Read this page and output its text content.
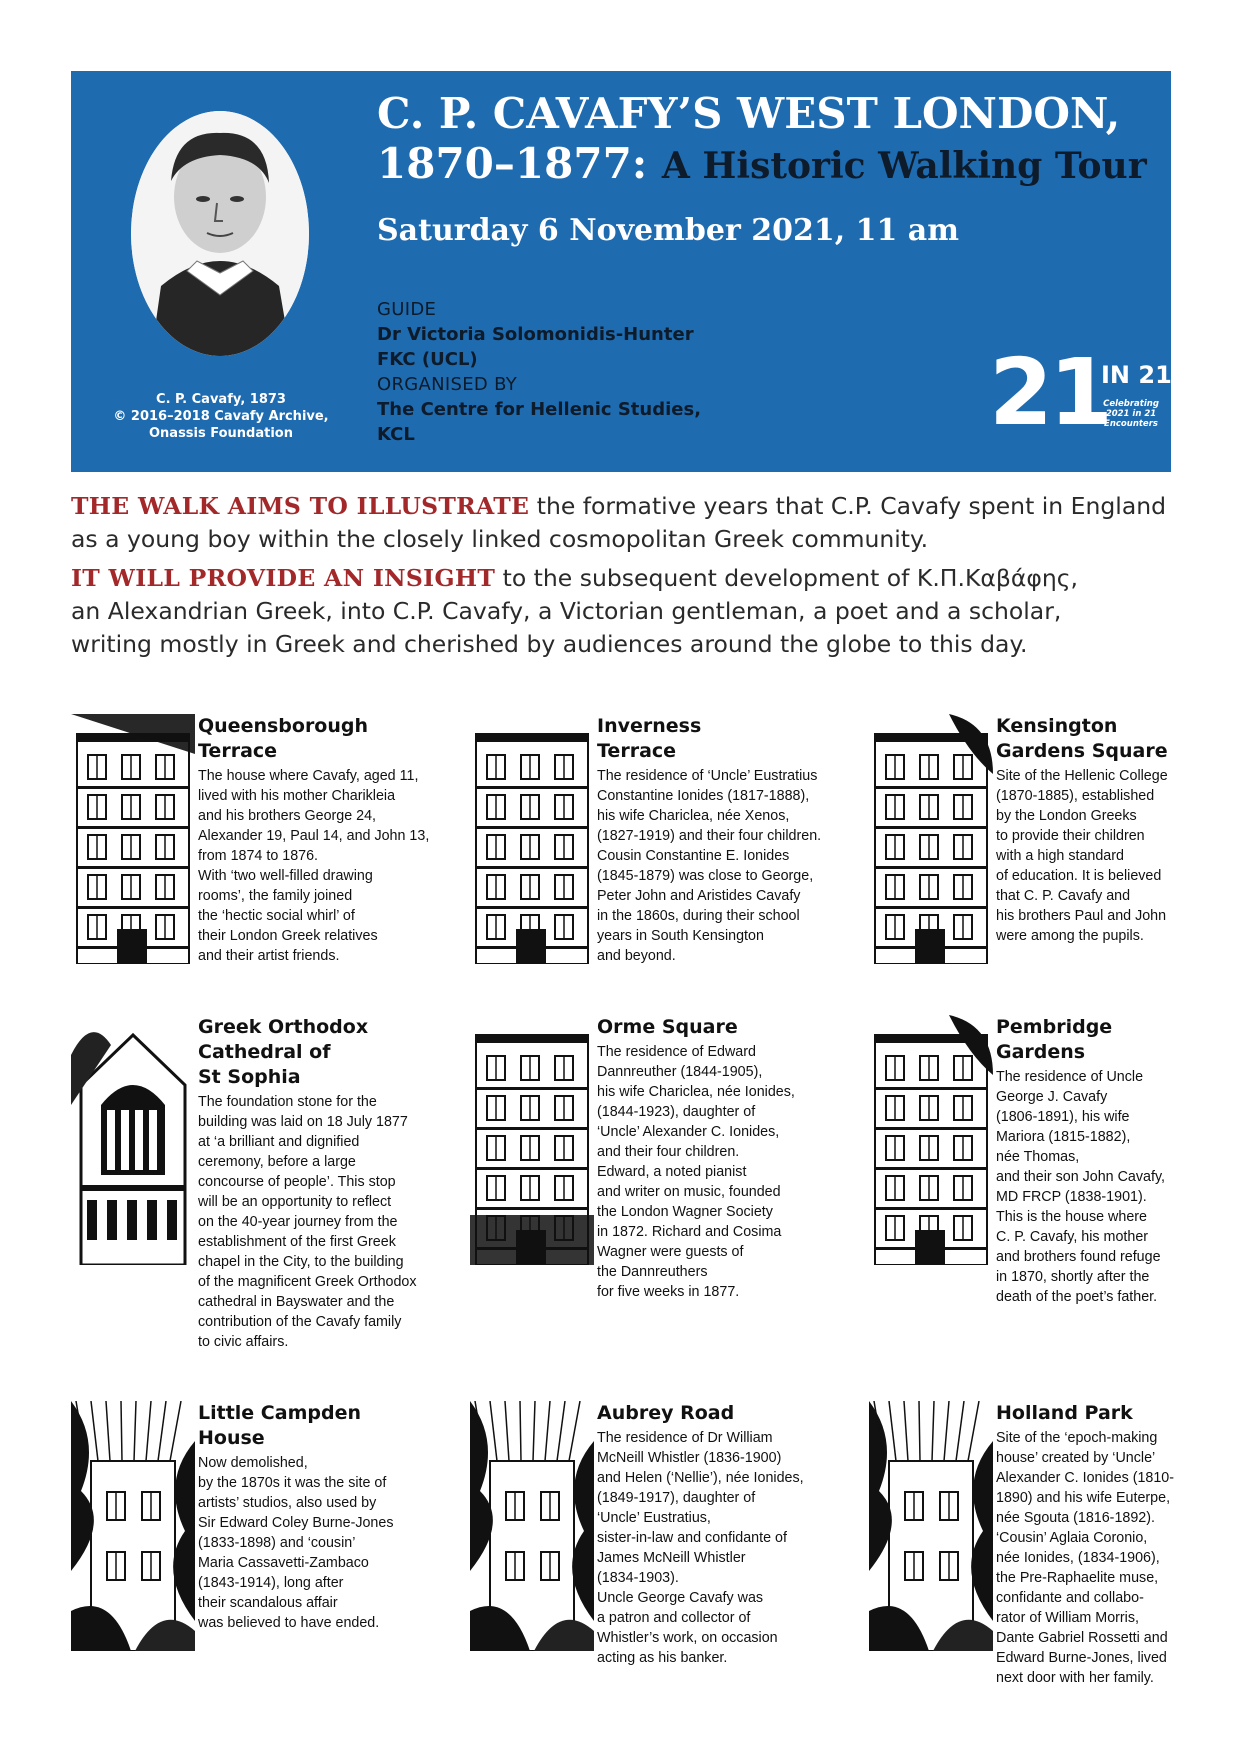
C. P. Cavafy, 1873
© 2016–2018 Cavafy Archive,
Onassis Foundation
C. P. CAVAFY’S WEST LONDON,
1870–1877: A Historic Walking Tour
Saturday 6 November 2021, 11 am
GUIDE
Dr Victoria Solomonidis-Hunter
FKC (UCL)
ORGANISED BY
The Centre for Hellenic Studies,
KCL	21
IN 21
Celebrating
2021 in 21
Encounters

THE WALK AIMS TO ILLUSTRATE the formative years that C.P. Cavafy spent in England
as a young boy within the closely linked cosmopolitan Greek community.

IT WILL PROVIDE AN INSIGHT to the subsequent development of Κ.Π.Καβάφης,
an Alexandrian Greek, into C.P. Cavafy, a Victorian gentleman, a poet and a scholar,
writing mostly in Greek and cherished by audiences around the globe to this day.

Queensborough
Terrace
The house where Cavafy, aged 11,
lived with his mother Charikleia
and his brothers George 24,
Alexander 19, Paul 14, and John 13,
from 1874 to 1876.
With ‘two well-filled drawing
rooms’, the family joined
the ‘hectic social whirl’ of
their London Greek relatives
and their artist friends.
Inverness
Terrace
The residence of ‘Uncle’ Eustratius
Constantine Ionides (1817-1888),
his wife Chariclea, née Xenos,
(1827-1919) and their four children.
Cousin Constantine E. Ionides
(1845-1879) was close to George,
Peter John and Aristides Cavafy
in the 1860s, during their school
years in South Kensington
and beyond.
Kensington
Gardens Square
Site of the Hellenic College
(1870-1885), established
by the London Greeks
to provide their children
with a high standard
of education. It is believed
that C. P. Cavafy and
his brothers Paul and John
were among the pupils.
Greek Orthodox
Cathedral of
St Sophia
The foundation stone for the
building was laid on 18 July 1877
at ‘a brilliant and dignified
ceremony, before a large
concourse of people’. This stop
will be an opportunity to reflect
on the 40-year journey from the
establishment of the first Greek
chapel in the City, to the building
of the magnificent Greek Orthodox
cathedral in Bayswater and the
contribution of the Cavafy family
to civic affairs.
Orme Square
The residence of Edward
Dannreuther (1844-1905),
his wife Chariclea, née Ionides,
(1844-1923), daughter of
‘Uncle’ Alexander C. Ionides,
and their four children.
Edward, a noted pianist
and writer on music, founded
the London Wagner Society
in 1872. Richard and Cosima
Wagner were guests of
the Dannreuthers
for five weeks in 1877.
Pembridge
Gardens
The residence of Uncle
George J. Cavafy
(1806-1891), his wife
Mariora (1815-1882),
née Thomas,
and their son John Cavafy,
MD FRCP (1838-1901).
This is the house where
C. P. Cavafy, his mother
and brothers found refuge
in 1870, shortly after the
death of the poet’s father.
Little Campden
House
Now demolished,
by the 1870s it was the site of
artists’ studios, also used by
Sir Edward Coley Burne-Jones
(1833-1898) and ‘cousin’
Maria Cassavetti-Zambaco
(1843-1914), long after
their scandalous affair
was believed to have ended.
Aubrey Road
The residence of Dr William
McNeill Whistler (1836-1900)
and Helen (‘Nellie’), née Ionides,
(1849-1917), daughter of
‘Uncle’ Eustratius,
sister-in-law and confidante of
James McNeill Whistler
(1834-1903).
Uncle George Cavafy was
a patron and collector of
Whistler’s work, on occasion
acting as his banker.
Holland Park
Site of the ‘epoch-making
house’ created by ‘Uncle’
Alexander C. Ionides (1810-
1890) and his wife Euterpe,
née Sgouta (1816-1892).
‘Cousin’ Aglaia Coronio,
née Ionides, (1834-1906),
the Pre-Raphaelite muse,
confidante and collabo-
rator of William Morris,
Dante Gabriel Rossetti and
Edward Burne-Jones, lived
next door with her family.
